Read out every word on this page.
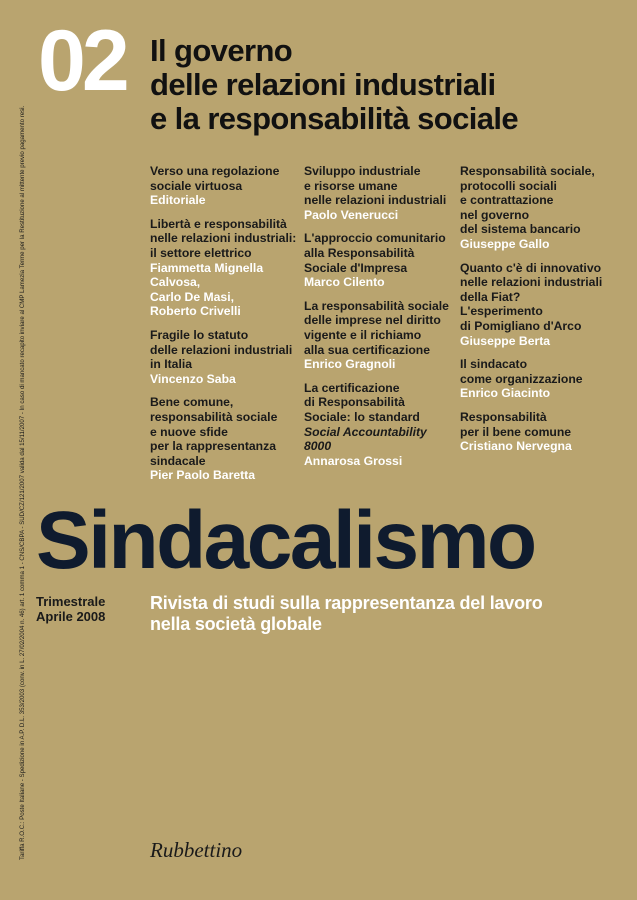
02 Il governo
delle relazioni industriali
e la responsabilità sociale
Verso una regolazione
sociale virtuosa
Editoriale
Libertà e responsabilità
nelle relazioni industriali:
il settore elettrico
Fiammetta Mignella
Calvosa,
Carlo De Masi,
Roberto Crivelli
Fragile lo statuto
delle relazioni industriali
in Italia
Vincenzo Saba
Bene comune,
responsabilità sociale
e nuove sfide
per la rappresentanza
sindacale
Pier Paolo Baretta
Sviluppo industriale
e risorse umane
nelle relazioni industriali
Paolo Venerucci
L'approccio comunitario
alla Responsabilità
Sociale d'Impresa
Marco Cilento
La responsabilità sociale
delle imprese nel diritto
vigente e il richiamo
alla sua certificazione
Enrico Gragnoli
La certificazione
di Responsabilità
Sociale: lo standard
Social Accountability
8000
Annarosa Grossi
Responsabilità sociale,
protocolli sociali
e contrattazione
nel governo
del sistema bancario
Giuseppe Gallo
Quanto c'è di innovativo
nelle relazioni industriali
della Fiat?
L'esperimento
di Pomigliano d'Arco
Giuseppe Berta
Il sindacato
come organizzazione
Enrico Giacinto
Responsabilità
per il bene comune
Cristiano Nervegna
Sindacalismo
Trimestrale
Aprile 2008
Rivista di studi sulla rappresentanza del lavoro
nella società globale
Rubbettino
Tariffa R.O.C.: Poste Italiane - Spedizione in A.P. D.L. 353/2003 (conv. in L. 27/02/2004 n. 46) art. 1 comma 1 - CNS/CBPA - SUD/CZ/121/2007 valida dal 15/11/2007 - In caso di mancato recapito inviare al CMP Lamezia Terme per la Restituzione al mittente previo pagamento resi.
